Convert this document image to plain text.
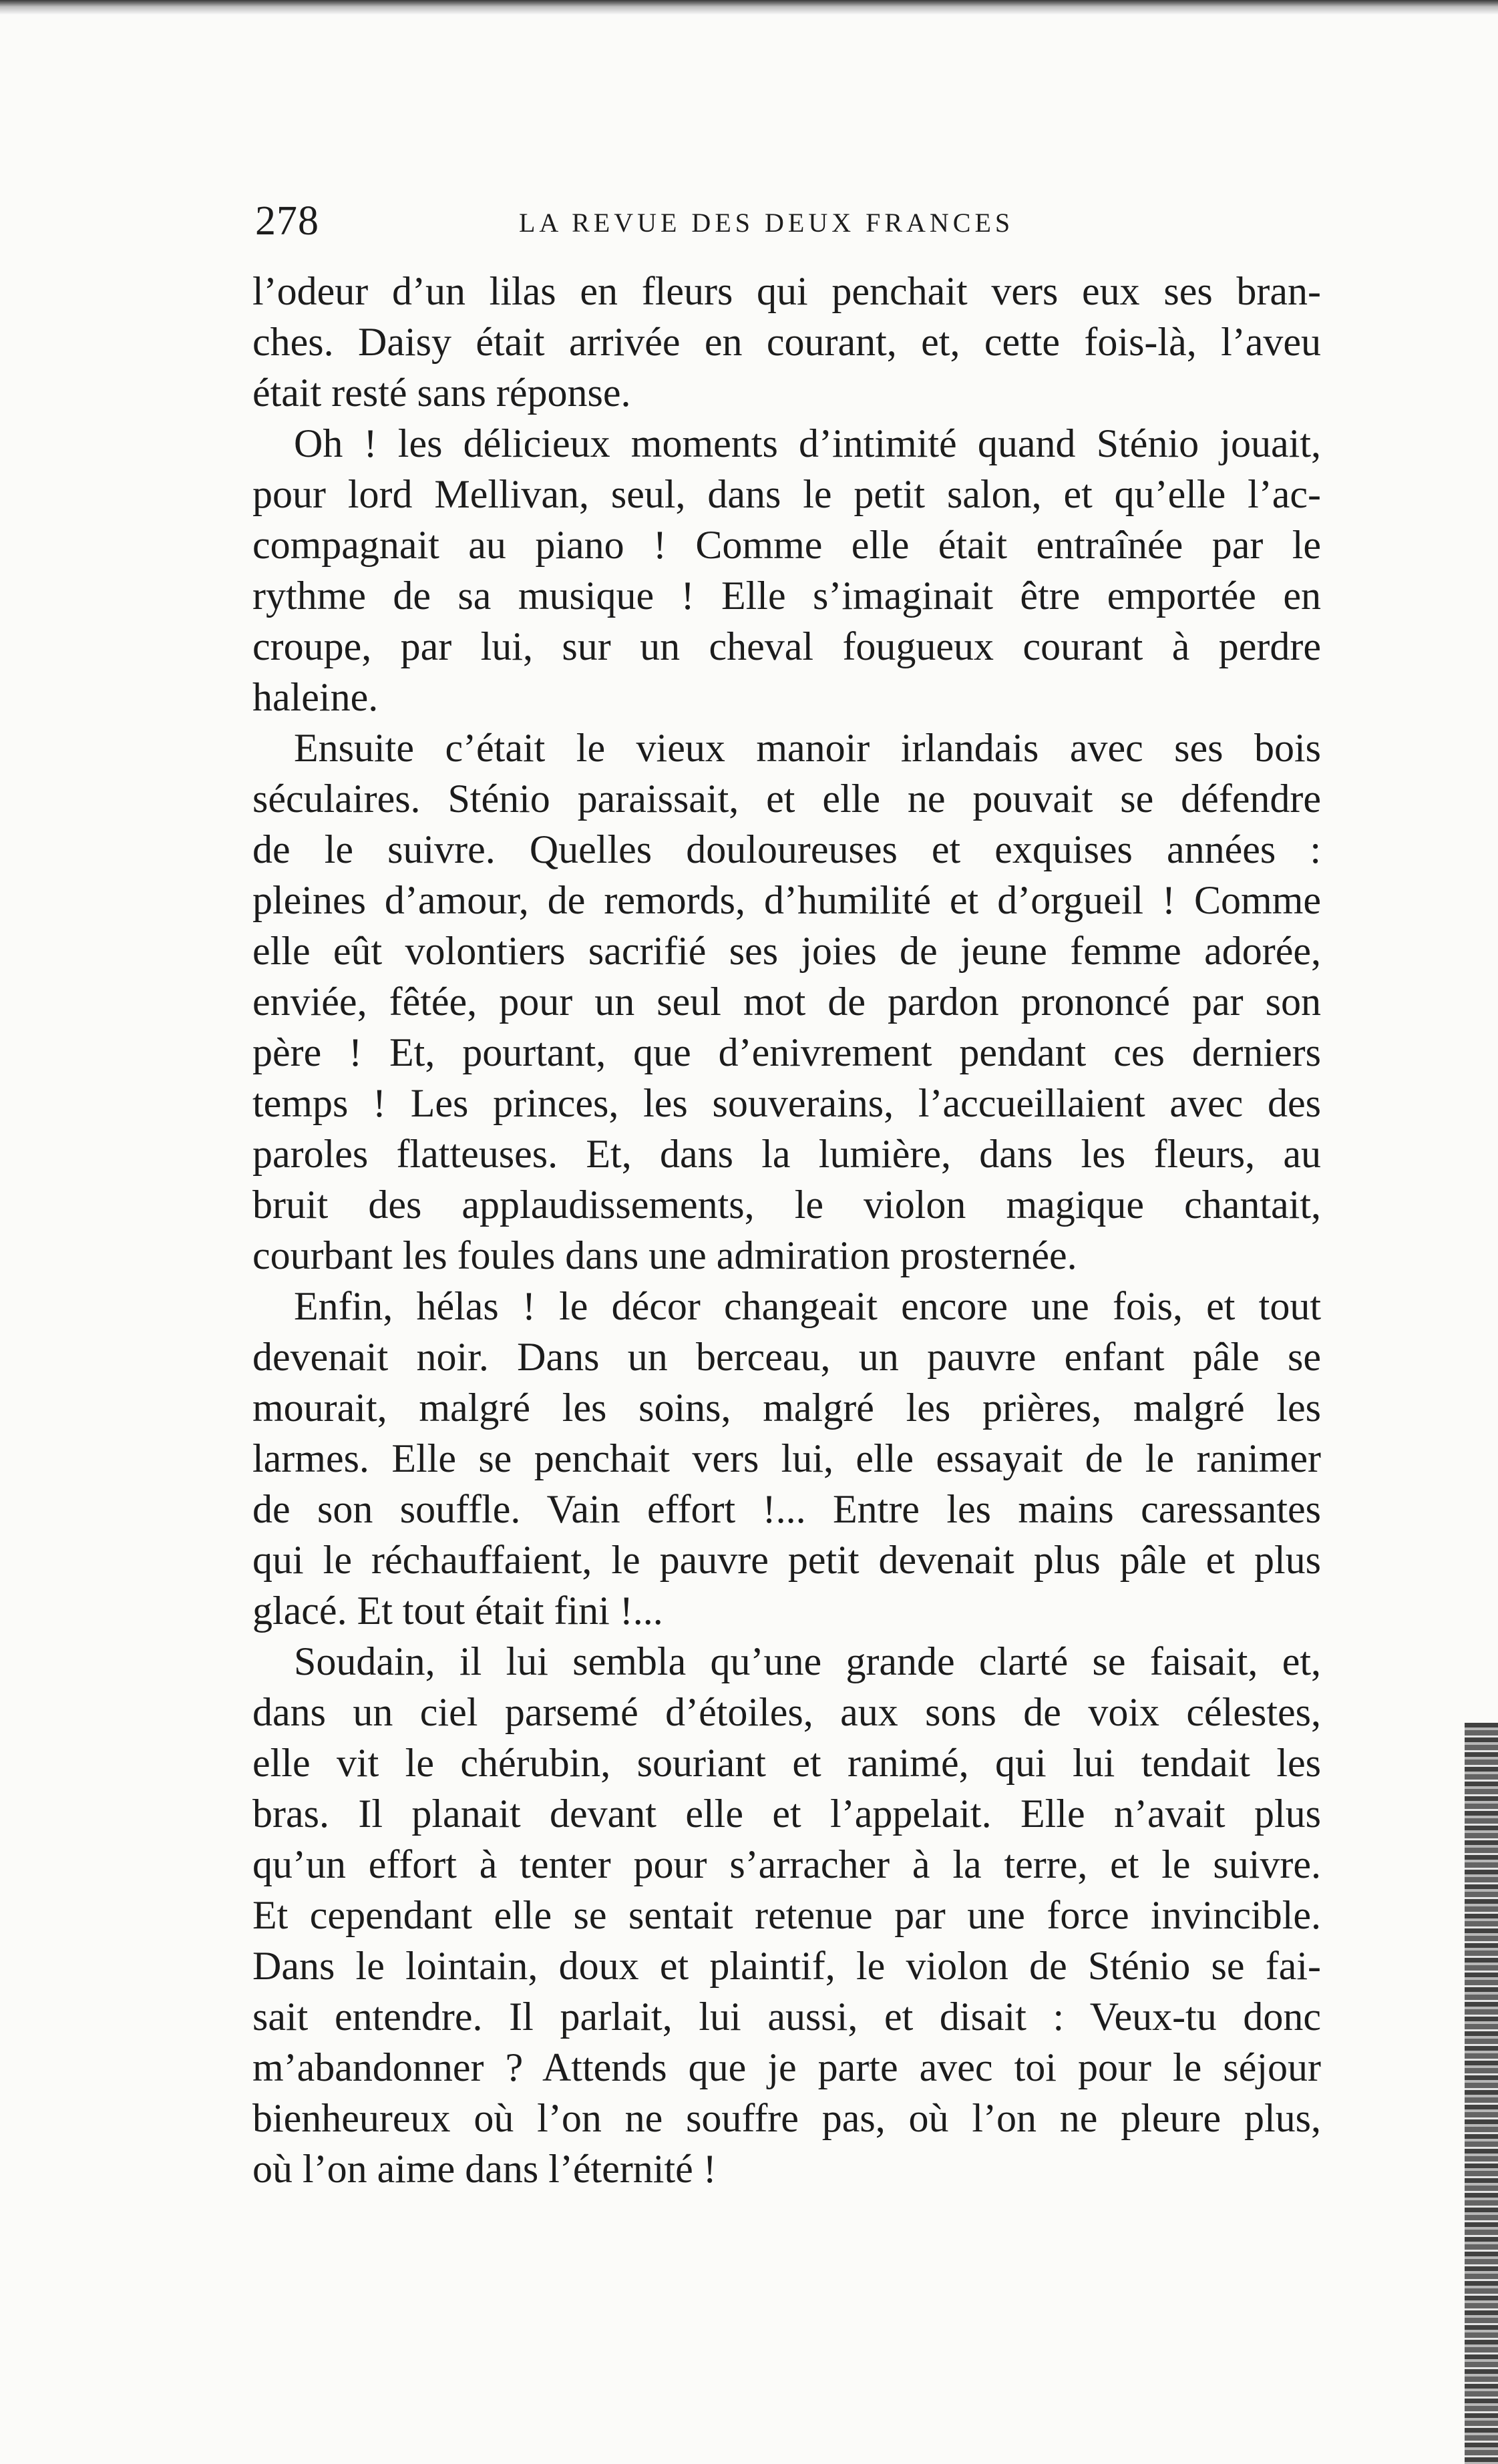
278	LA REVUE DES DEUX FRANCES
l’odeur d’un lilas en fleurs qui penchait vers eux ses bran-
ches. Daisy était arrivée en courant, et, cette fois-là, l’aveu
était resté sans réponse.
Oh ! les délicieux moments d’intimité quand Sténio jouait,
pour lord Mellivan, seul, dans le petit salon, et qu’elle l’ac-
compagnait au piano ! Comme elle était entraînée par le
rythme de sa musique ! Elle s’imaginait être emportée en
croupe, par lui, sur un cheval fougueux courant à perdre
haleine.
Ensuite c’était le vieux manoir irlandais avec ses bois
séculaires. Sténio paraissait, et elle ne pouvait se défendre
de le suivre. Quelles douloureuses et exquises années :
pleines d’amour, de remords, d’humilité et d’orgueil ! Comme
elle eût volontiers sacrifié ses joies de jeune femme adorée,
enviée, fêtée, pour un seul mot de pardon prononcé par son
père ! Et, pourtant, que d’enivrement pendant ces derniers
temps ! Les princes, les souverains, l’accueillaient avec des
paroles flatteuses. Et, dans la lumière, dans les fleurs, au
bruit des applaudissements, le violon magique chantait,
courbant les foules dans une admiration prosternée.
Enfin, hélas ! le décor changeait encore une fois, et tout
devenait noir. Dans un berceau, un pauvre enfant pâle se
mourait, malgré les soins, malgré les prières, malgré les
larmes. Elle se penchait vers lui, elle essayait de le ranimer
de son souffle. Vain effort !... Entre les mains caressantes
qui le réchauffaient, le pauvre petit devenait plus pâle et plus
glacé. Et tout était fini !...
Soudain, il lui sembla qu’une grande clarté se faisait, et,
dans un ciel parsemé d’étoiles, aux sons de voix célestes,
elle vit le chérubin, souriant et ranimé, qui lui tendait les
bras. Il planait devant elle et l’appelait. Elle n’avait plus
qu’un effort à tenter pour s’arracher à la terre, et le suivre.
Et cependant elle se sentait retenue par une force invincible.
Dans le lointain, doux et plaintif, le violon de Sténio se fai-
sait entendre. Il parlait, lui aussi, et disait : Veux-tu donc
m’abandonner ? Attends que je parte avec toi pour le séjour
bienheureux où l’on ne souffre pas, où l’on ne pleure plus,
où l’on aime dans l’éternité !
